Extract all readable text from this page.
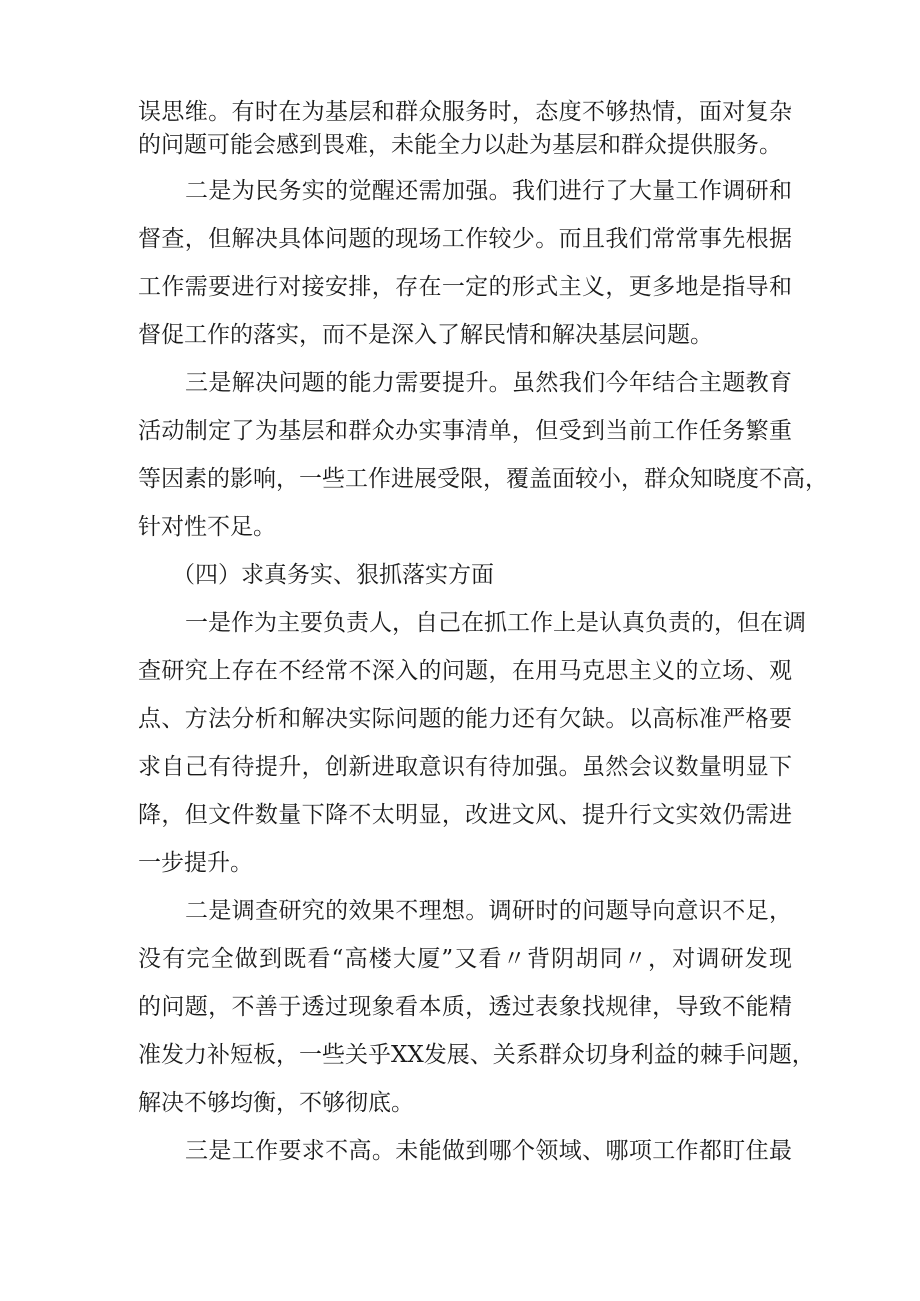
误思维。有时在为基层和群众服务时，态度不够热情，面对复杂
的问题可能会感到畏难，未能全力以赴为基层和群众提供服务。
二是为民务实的觉醒还需加强。我们进行了大量工作调研和
督查，但解决具体问题的现场工作较少。而且我们常常事先根据
工作需要进行对接安排，存在一定的形式主义，更多地是指导和
督促工作的落实，而不是深入了解民情和解决基层问题。
三是解决问题的能力需要提升。虽然我们今年结合主题教育
活动制定了为基层和群众办实事清单，但受到当前工作任务繁重
等因素的影响，一些工作进展受限，覆盖面较小，群众知晓度不高，
针对性不足。
（四）求真务实、狠抓落实方面
一是作为主要负责人，自己在抓工作上是认真负责的，但在调
查研究上存在不经常不深入的问题，在用马克思主义的立场、观
点、方法分析和解决实际问题的能力还有欠缺。以高标准严格要
求自己有待提升，创新进取意识有待加强。虽然会议数量明显下
降，但文件数量下降不太明显，改进文风、提升行文实效仍需进
一步提升。
二是调查研究的效果不理想。调研时的问题导向意识不足，
没有完全做到既看“高楼大厦”又看〃背阴胡同〃，对调研发现
的问题，不善于透过现象看本质，透过表象找规律，导致不能精
准发力补短板，一些关乎XX发展、关系群众切身利益的棘手问题，
解决不够均衡，不够彻底。
三是工作要求不高。未能做到哪个领域、哪项工作都盯住最
